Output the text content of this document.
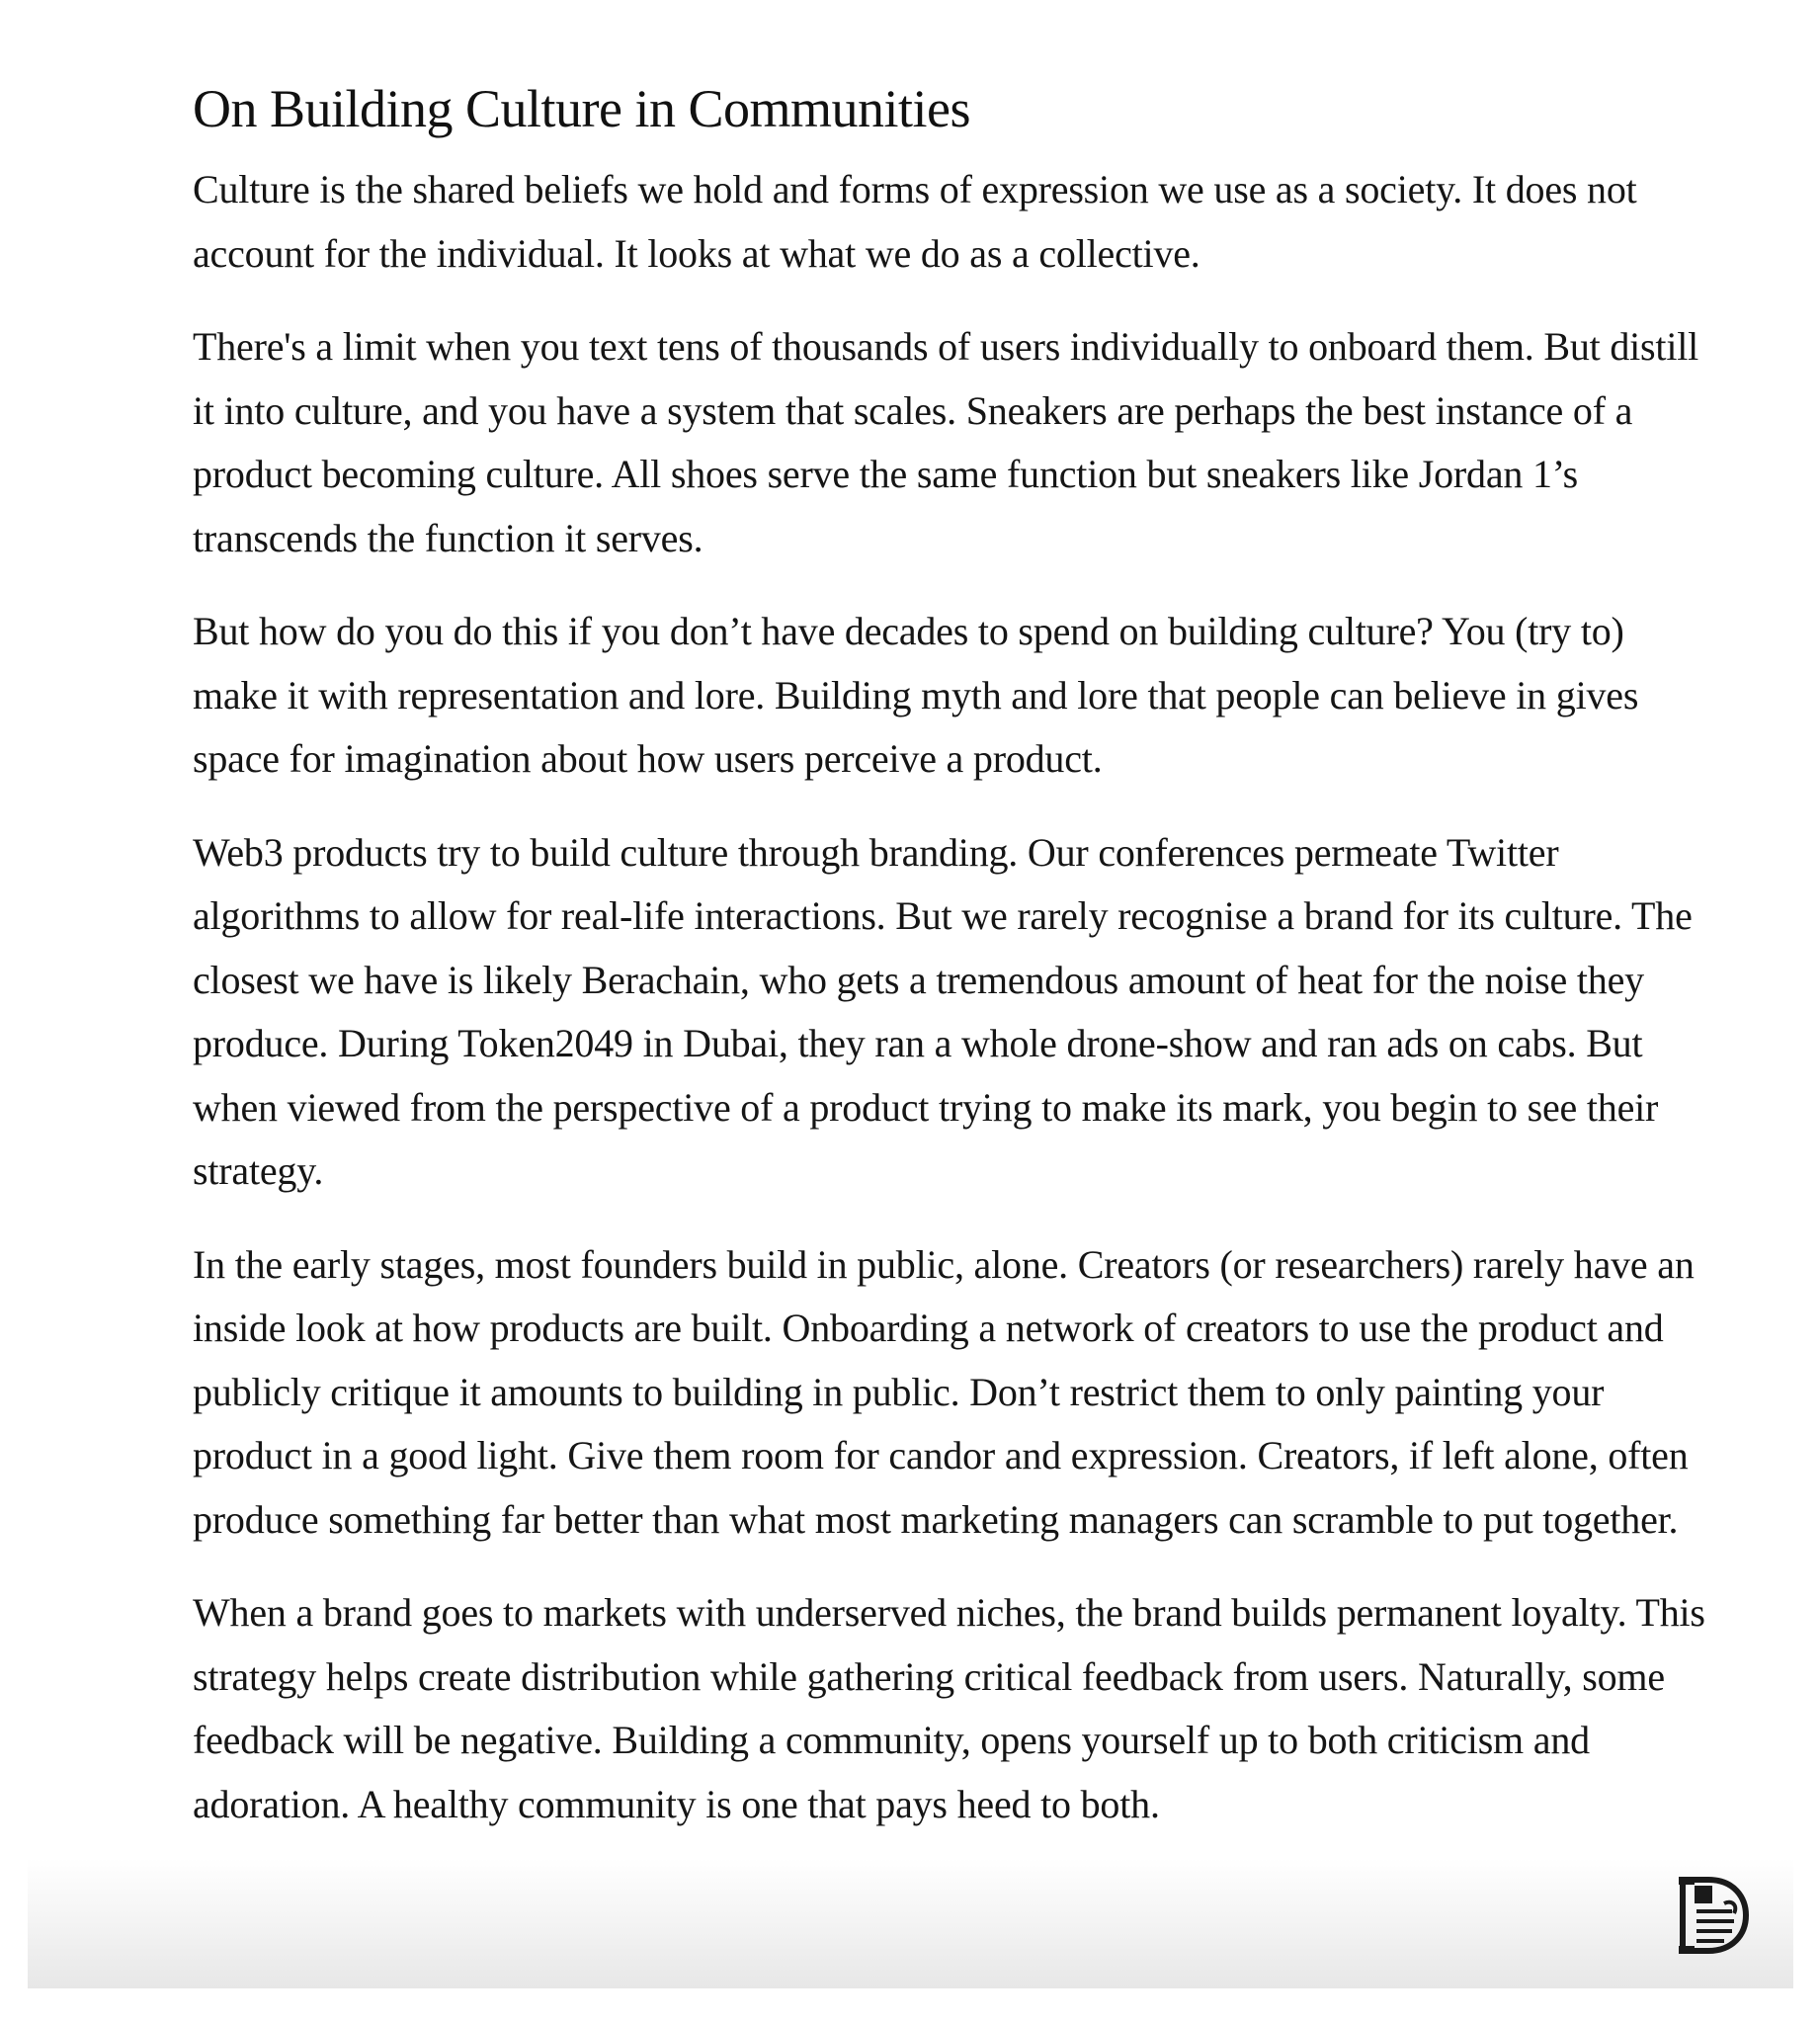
On Building Culture in Communities

Culture is the shared beliefs we hold and forms of expression we use as a society. It does not account for the individual. It looks at what we do as a collective.

There's a limit when you text tens of thousands of users individually to onboard them. But distill it into culture, and you have a system that scales. Sneakers are perhaps the best instance of a product becoming culture. All shoes serve the same function but sneakers like Jordan 1’s transcends the function it serves.

But how do you do this if you don’t have decades to spend on building culture? You (try to) make it with representation and lore. Building myth and lore that people can believe in gives space for imagination about how users perceive a product.

Web3 products try to build culture through branding. Our conferences permeate Twitter algorithms to allow for real-life interactions. But we rarely recognise a brand for its culture. The closest we have is likely Berachain, who gets a tremendous amount of heat for the noise they produce. During Token2049 in Dubai, they ran a whole drone-show and ran ads on cabs. But when viewed from the perspective of a product trying to make its mark, you begin to see their strategy.

In the early stages, most founders build in public, alone. Creators (or researchers) rarely have an inside look at how products are built. Onboarding a network of creators to use the product and publicly critique it amounts to building in public. Don’t restrict them to only painting your product in a good light. Give them room for candor and expression. Creators, if left alone, often produce something far better than what most marketing managers can scramble to put together.

When a brand goes to markets with underserved niches, the brand builds permanent loyalty. This strategy helps create distribution while gathering critical feedback from users. Naturally, some feedback will be negative. Building a community, opens yourself up to both criticism and adoration. A healthy community is one that pays heed to both.
